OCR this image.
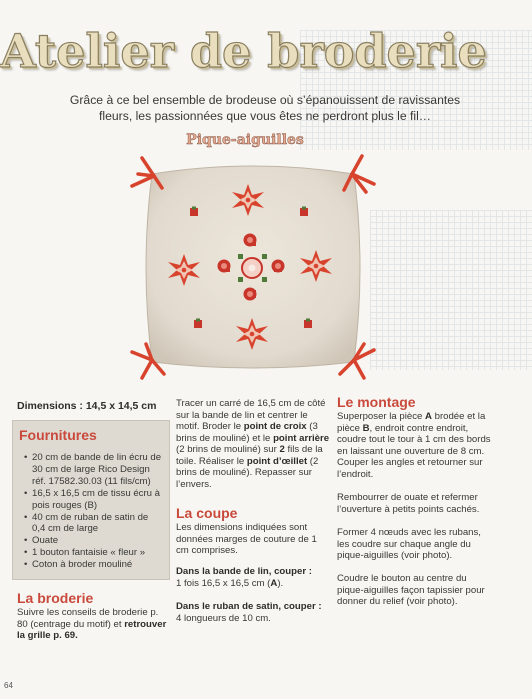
Atelier de broderie
Grâce à ce bel ensemble de brodeuse où s’épanouissent de ravissantes fleurs, les passionnées que vous êtes ne perdront plus le fil…
Pique-aiguilles
Dimensions : 14,5 x 14,5 cm
Fournitures
• 20 cm de bande de lin écru de 30 cm de large Rico Design réf. 17582.30.03 (11 fils/cm)
• 16,5 x 16,5 cm de tissu écru à pois rouges (B)
• 40 cm de ruban de satin de 0,4 cm de large
• Ouate
• 1 bouton fantaisie « fleur »
• Coton à broder mouliné
La broderie
Suivre les conseils de broderie p. 80 (centrage du motif) et retrouver la grille p. 69.
Tracer un carré de 16,5 cm de côté sur la bande de lin et centrer le motif. Broder le point de croix (3 brins de mouliné) et le point arrière (2 brins de mouliné) sur 2 fils de la toile. Réaliser le point d’œillet (2 brins de mouliné). Repasser sur l’envers.
La coupe
Les dimensions indiquées sont données marges de couture de 1 cm comprises.
Dans la bande de lin, couper :
1 fois 16,5 x 16,5 cm (A).
Dans le ruban de satin, couper :
4 longueurs de 10 cm.
Le montage
Superposer la pièce A brodée et la pièce B, endroit contre endroit, coudre tout le tour à 1 cm des bords en laissant une ouverture de 8 cm. Couper les angles et retourner sur l’endroit.
Rembourrer de ouate et refermer l’ouverture à petits points cachés.
Former 4 nœuds avec les rubans, les coudre sur chaque angle du pique-aiguilles (voir photo).
Coudre le bouton au centre du pique-aiguilles façon tapissier pour donner du relief (voir photo).
64
